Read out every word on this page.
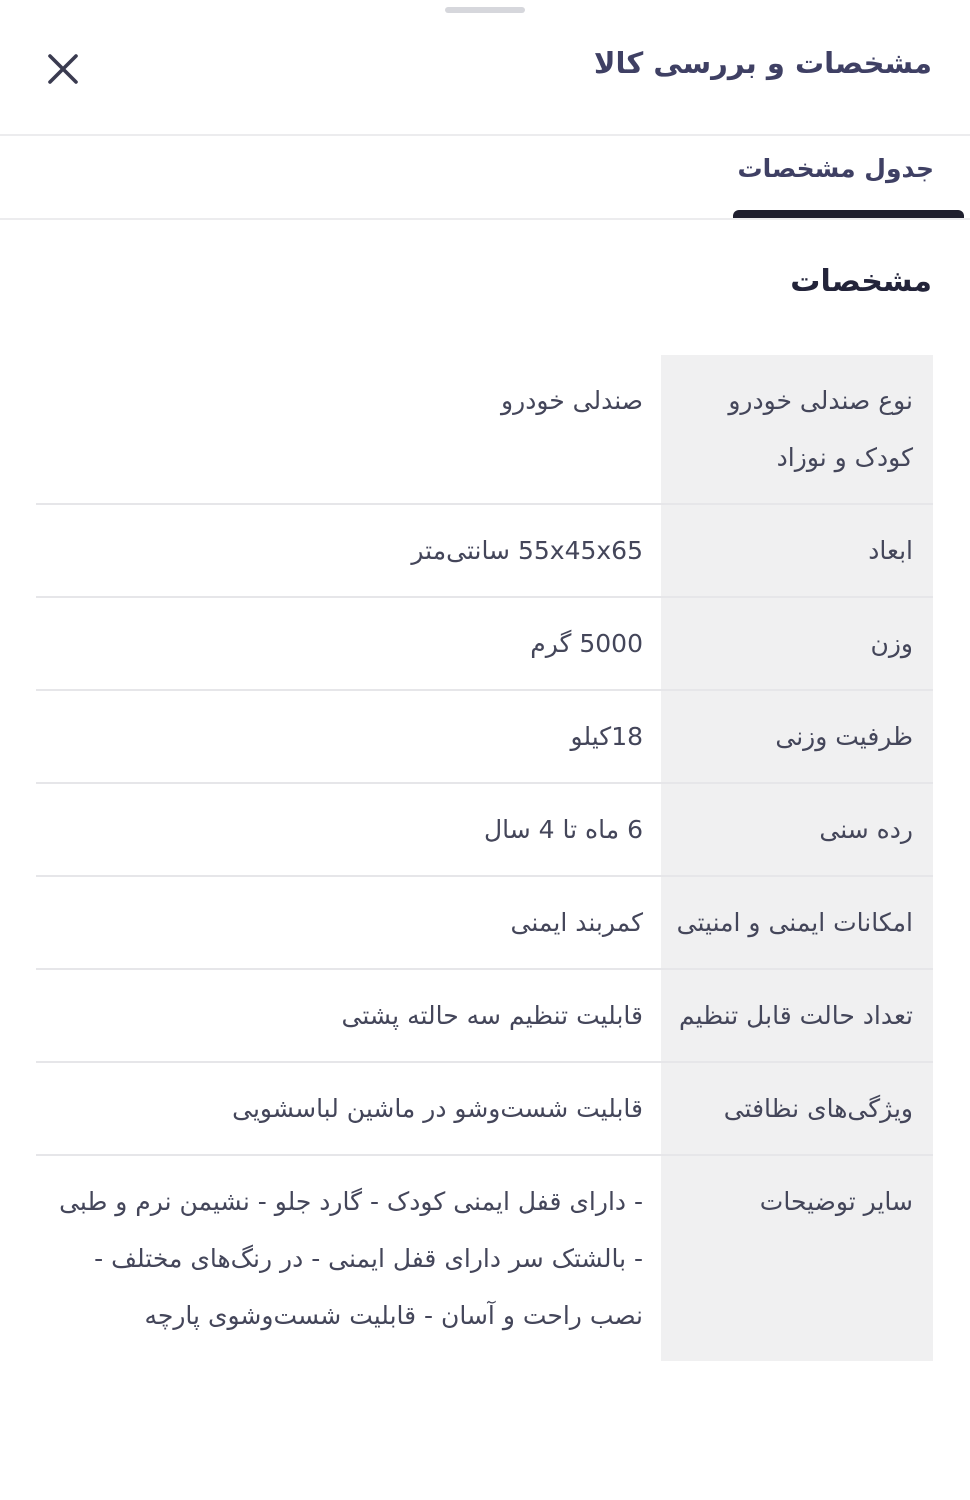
مشخصات و بررسی کالا
جدول مشخصات
مشخصات
نوع صندلی خودرو کودک و نوزاد
صندلی خودرو
ابعاد
55x45x65 سانتی‌متر
وزن
5000 گرم
ظرفیت وزنی
18کیلو
رده سنی
6 ماه تا 4 سال
امکانات ایمنی و امنیتی
کمربند ایمنی
تعداد حالت قابل تنظیم
قابلیت تنظیم سه حالته پشتی
ویژگی‌های نظافتی
قابلیت شست‌وشو در ماشین لباسشویی
سایر توضیحات
- دارای قفل ایمنی کودک - گارد جلو - نشیمن نرم و طبی - بالشتک سر دارای قفل ایمنی - در رنگ‌های مختلف - نصب راحت و آسان - قابلیت شست‌وشوی پارچه
